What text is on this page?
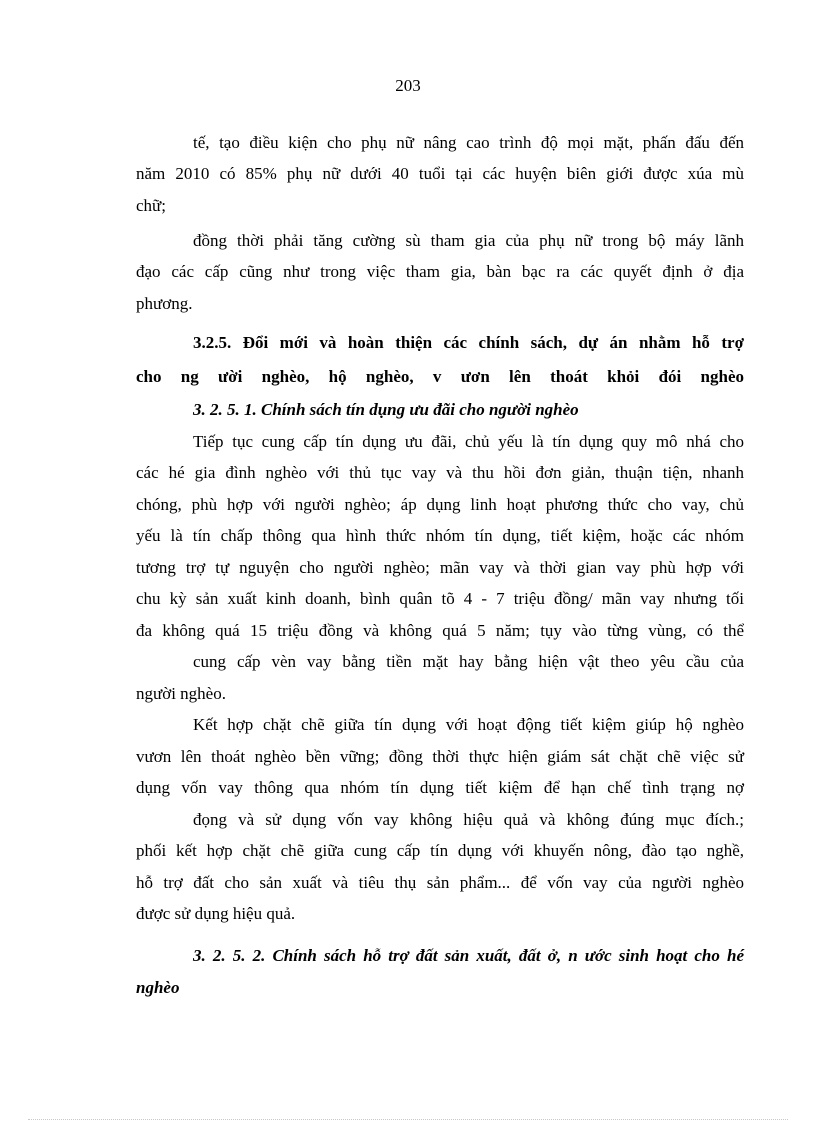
203
tế, tạo điều kiện cho phụ nữ nâng cao trình độ mọi mặt, phấn đấu đến
năm 2010 có 85% phụ nữ dưới 40 tuổi tại các huyện biên giới được xúa mù
chữ;
đồng thời phải tăng cường sù tham gia của phụ nữ trong bộ máy lãnh
đạo các cấp cũng như trong việc tham gia, bàn bạc ra các quyết định ở địa
phương.
3.2.5. Đổi mới và hoàn thiện các chính sách, dự án nhằm hỗ trợ
cho ng ười nghèo, hộ nghèo, v ươn lên thoát khỏi đói nghèo
3. 2. 5. 1. Chính sách tín dụng ưu đãi cho người nghèo
Tiếp tục cung cấp tín dụng ưu đãi, chủ yếu là tín dụng quy mô nhá cho
các hé gia đình nghèo với thủ tục vay và thu hồi đơn giản, thuận tiện, nhanh
chóng, phù hợp với người nghèo; áp dụng linh hoạt phương thức cho vay, chủ
yếu là tín chấp thông qua hình thức nhóm tín dụng, tiết kiệm, hoặc các nhóm
tương trợ tự nguyện cho người nghèo; mãn vay và thời gian vay phù hợp với
chu kỳ sản xuất kinh doanh, bình quân tõ 4 - 7 triệu đồng/ mãn vay nhưng tối
đa không quá 15 triệu đồng và không quá 5 năm; tụy vào từng vùng, có thể
cung cấp vèn vay bằng tiền mặt hay bằng hiện vật theo yêu cầu của
người nghèo.
Kết hợp chặt chẽ giữa tín dụng với hoạt động tiết kiệm giúp hộ nghèo
vươn lên thoát nghèo bền vững; đồng thời thực hiện giám sát chặt chẽ việc sử
dụng vốn vay thông qua nhóm tín dụng tiết kiệm để hạn chế tình trạng nợ
đọng và sử dụng vốn vay không hiệu quả và không đúng mục đích.;
phối kết hợp chặt chẽ giữa cung cấp tín dụng với khuyến nông, đào tạo nghề,
hỗ trợ đất cho sản xuất và tiêu thụ sản phẩm... để vốn vay của người nghèo
được sử dụng hiệu quả.
3. 2. 5. 2. Chính sách hỗ trợ đất sản xuất, đất ở, n ước sinh hoạt cho hé
nghèo
